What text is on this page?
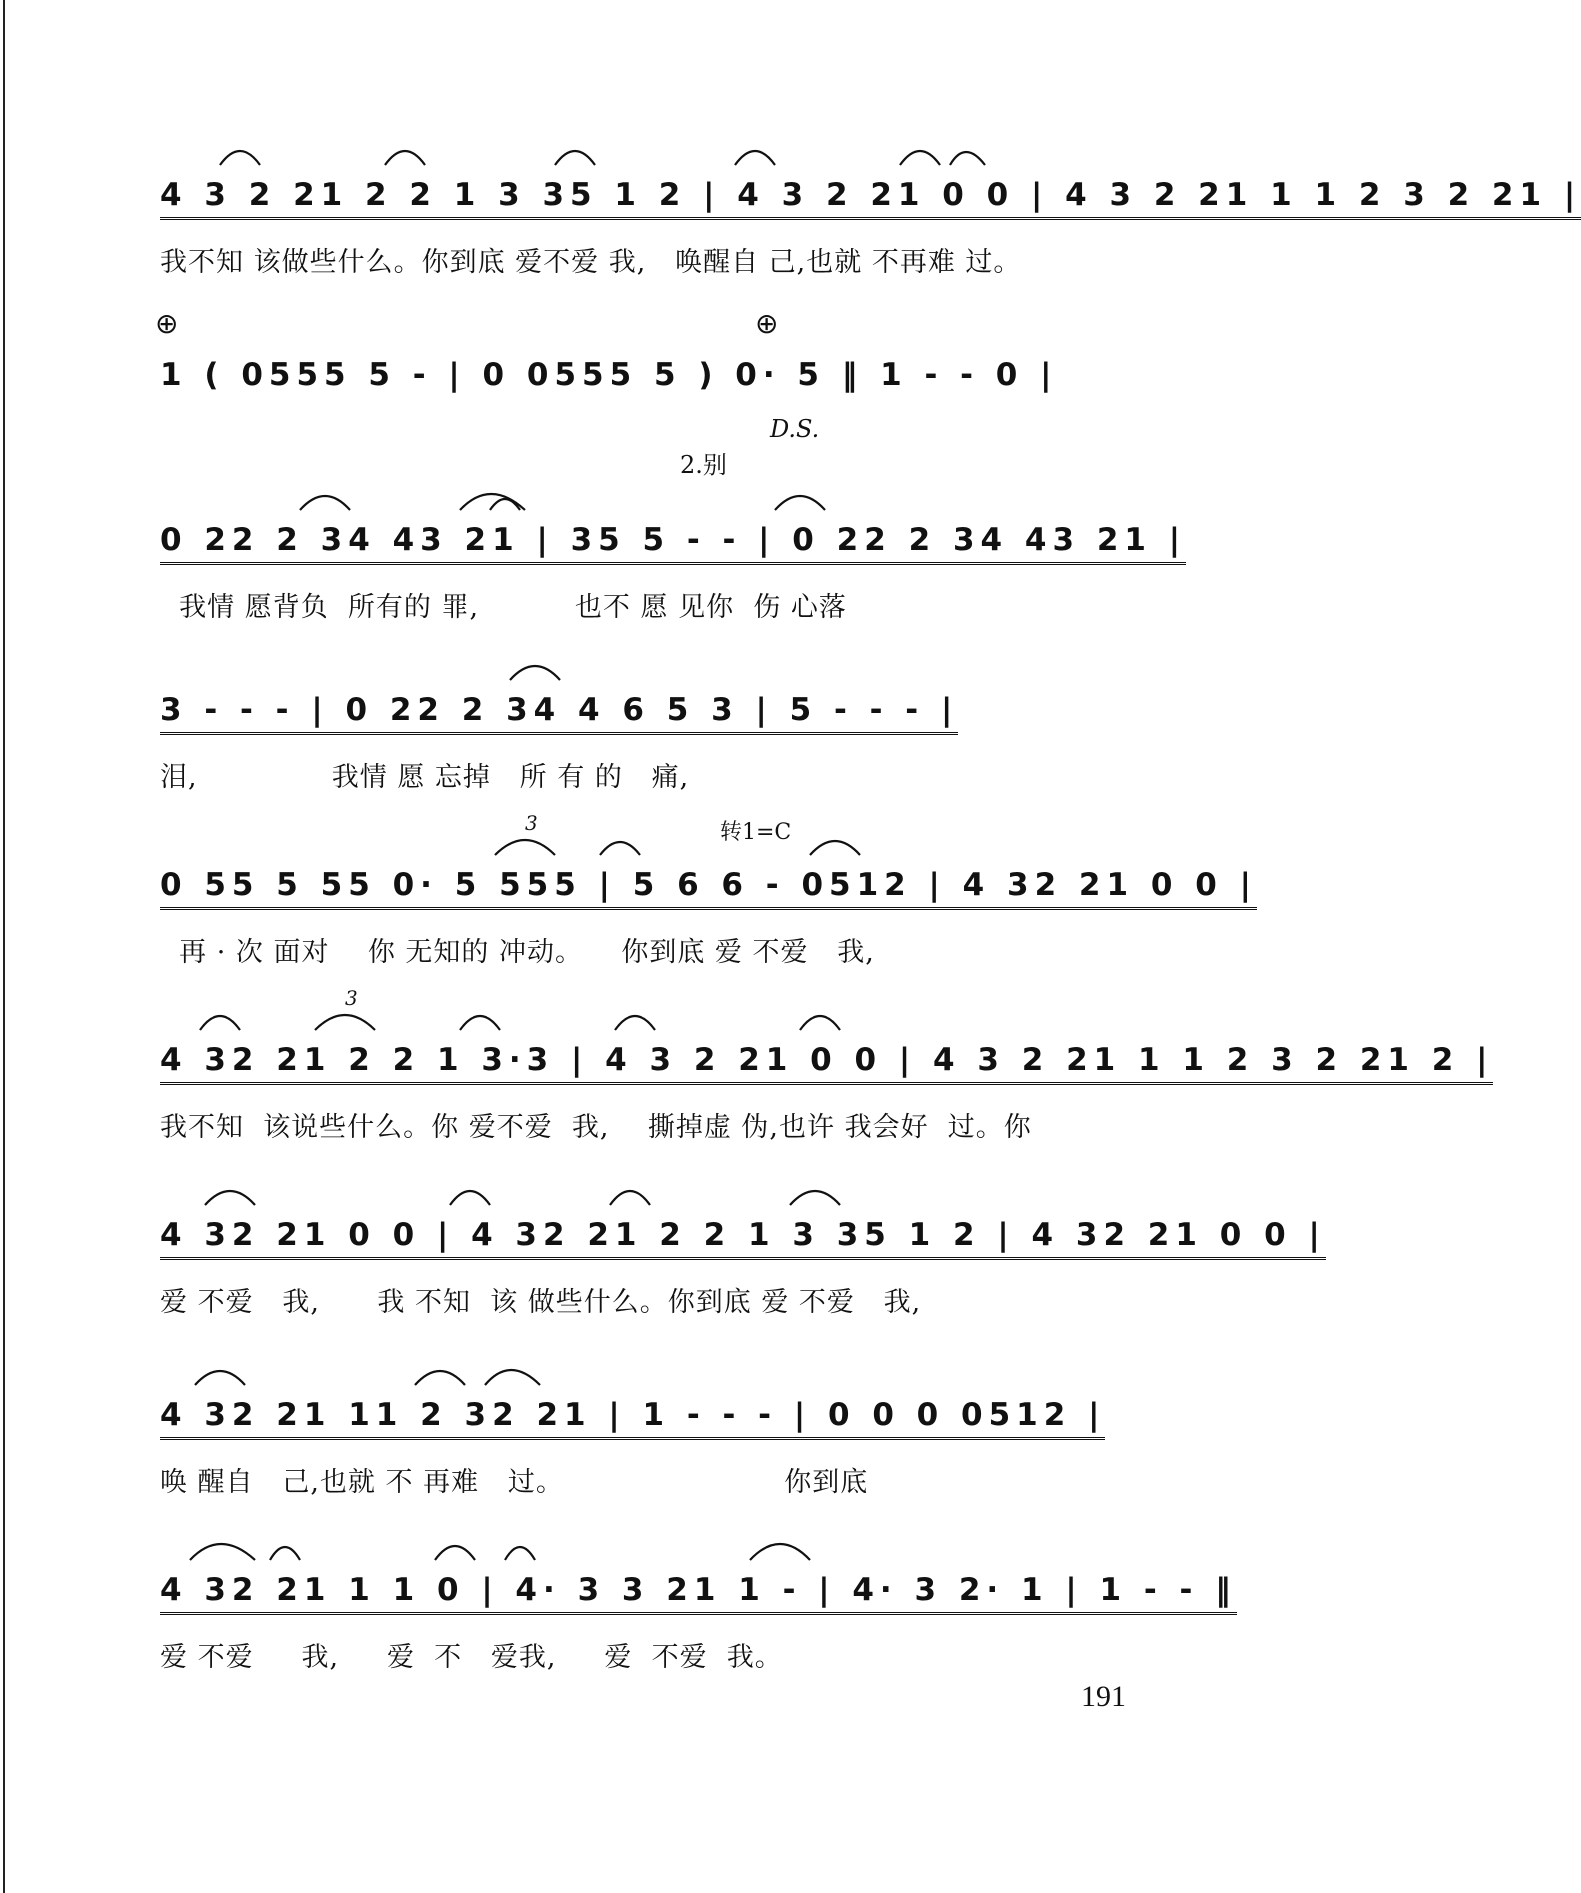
4 3 2 21 2 2 1 3 35 1 2 | 4 3 2 21 0 0 | 4 3 2 21 1 1 2 3 2 21 |
我不知 该做些什么。你到底 爱不爱 我,   唤醒自 己,也就 不再难 过。
⊕	⊕
1 ( 0555 5 - | 0 0555 5 ) 0· 5 ‖ 1 - - 0 |
D.S.
2.别
0 22 2 34 43 21 | 35 5 - - | 0 22 2 34 43 21 |
我情 愿背负  所有的 罪,          也不 愿 见你  伤 心落
3 - - - | 0 22 2 34 4 6 5 3 | 5 - - - |
泪,              我情 愿 忘掉   所 有 的   痛,
转1=C
3
0 55 5 55 0· 5 555 | 5 6 6 - 0512 | 4 32 21 0 0 |
再 · 次 面对    你 无知的 冲动。    你到底 爱 不爱   我,
3
4 32 21 2 2 1 3·3 | 4 3 2 21 0 0 | 4 3 2 21 1 1 2 3 2 21 2 |
我不知  该说些什么。你 爱不爱  我,    撕掉虚 伪,也许 我会好  过。你
4 32 21 0 0 | 4 32 21 2 2 1 3 35 1 2 | 4 32 21 0 0 |
爱 不爱   我,      我 不知  该 做些什么。你到底 爱 不爱   我,
4 32 21 11 2 32 21 | 1 - - - | 0 0 0 0512 |
唤 醒自   己,也就 不 再难   过。                       你到底
4 32 21 1 1 0 | 4· 3 3 21 1 - | 4· 3 2· 1 | 1 - - ‖
爱 不爱     我,     爱  不   爱我,     爱  不爱  我。
191
